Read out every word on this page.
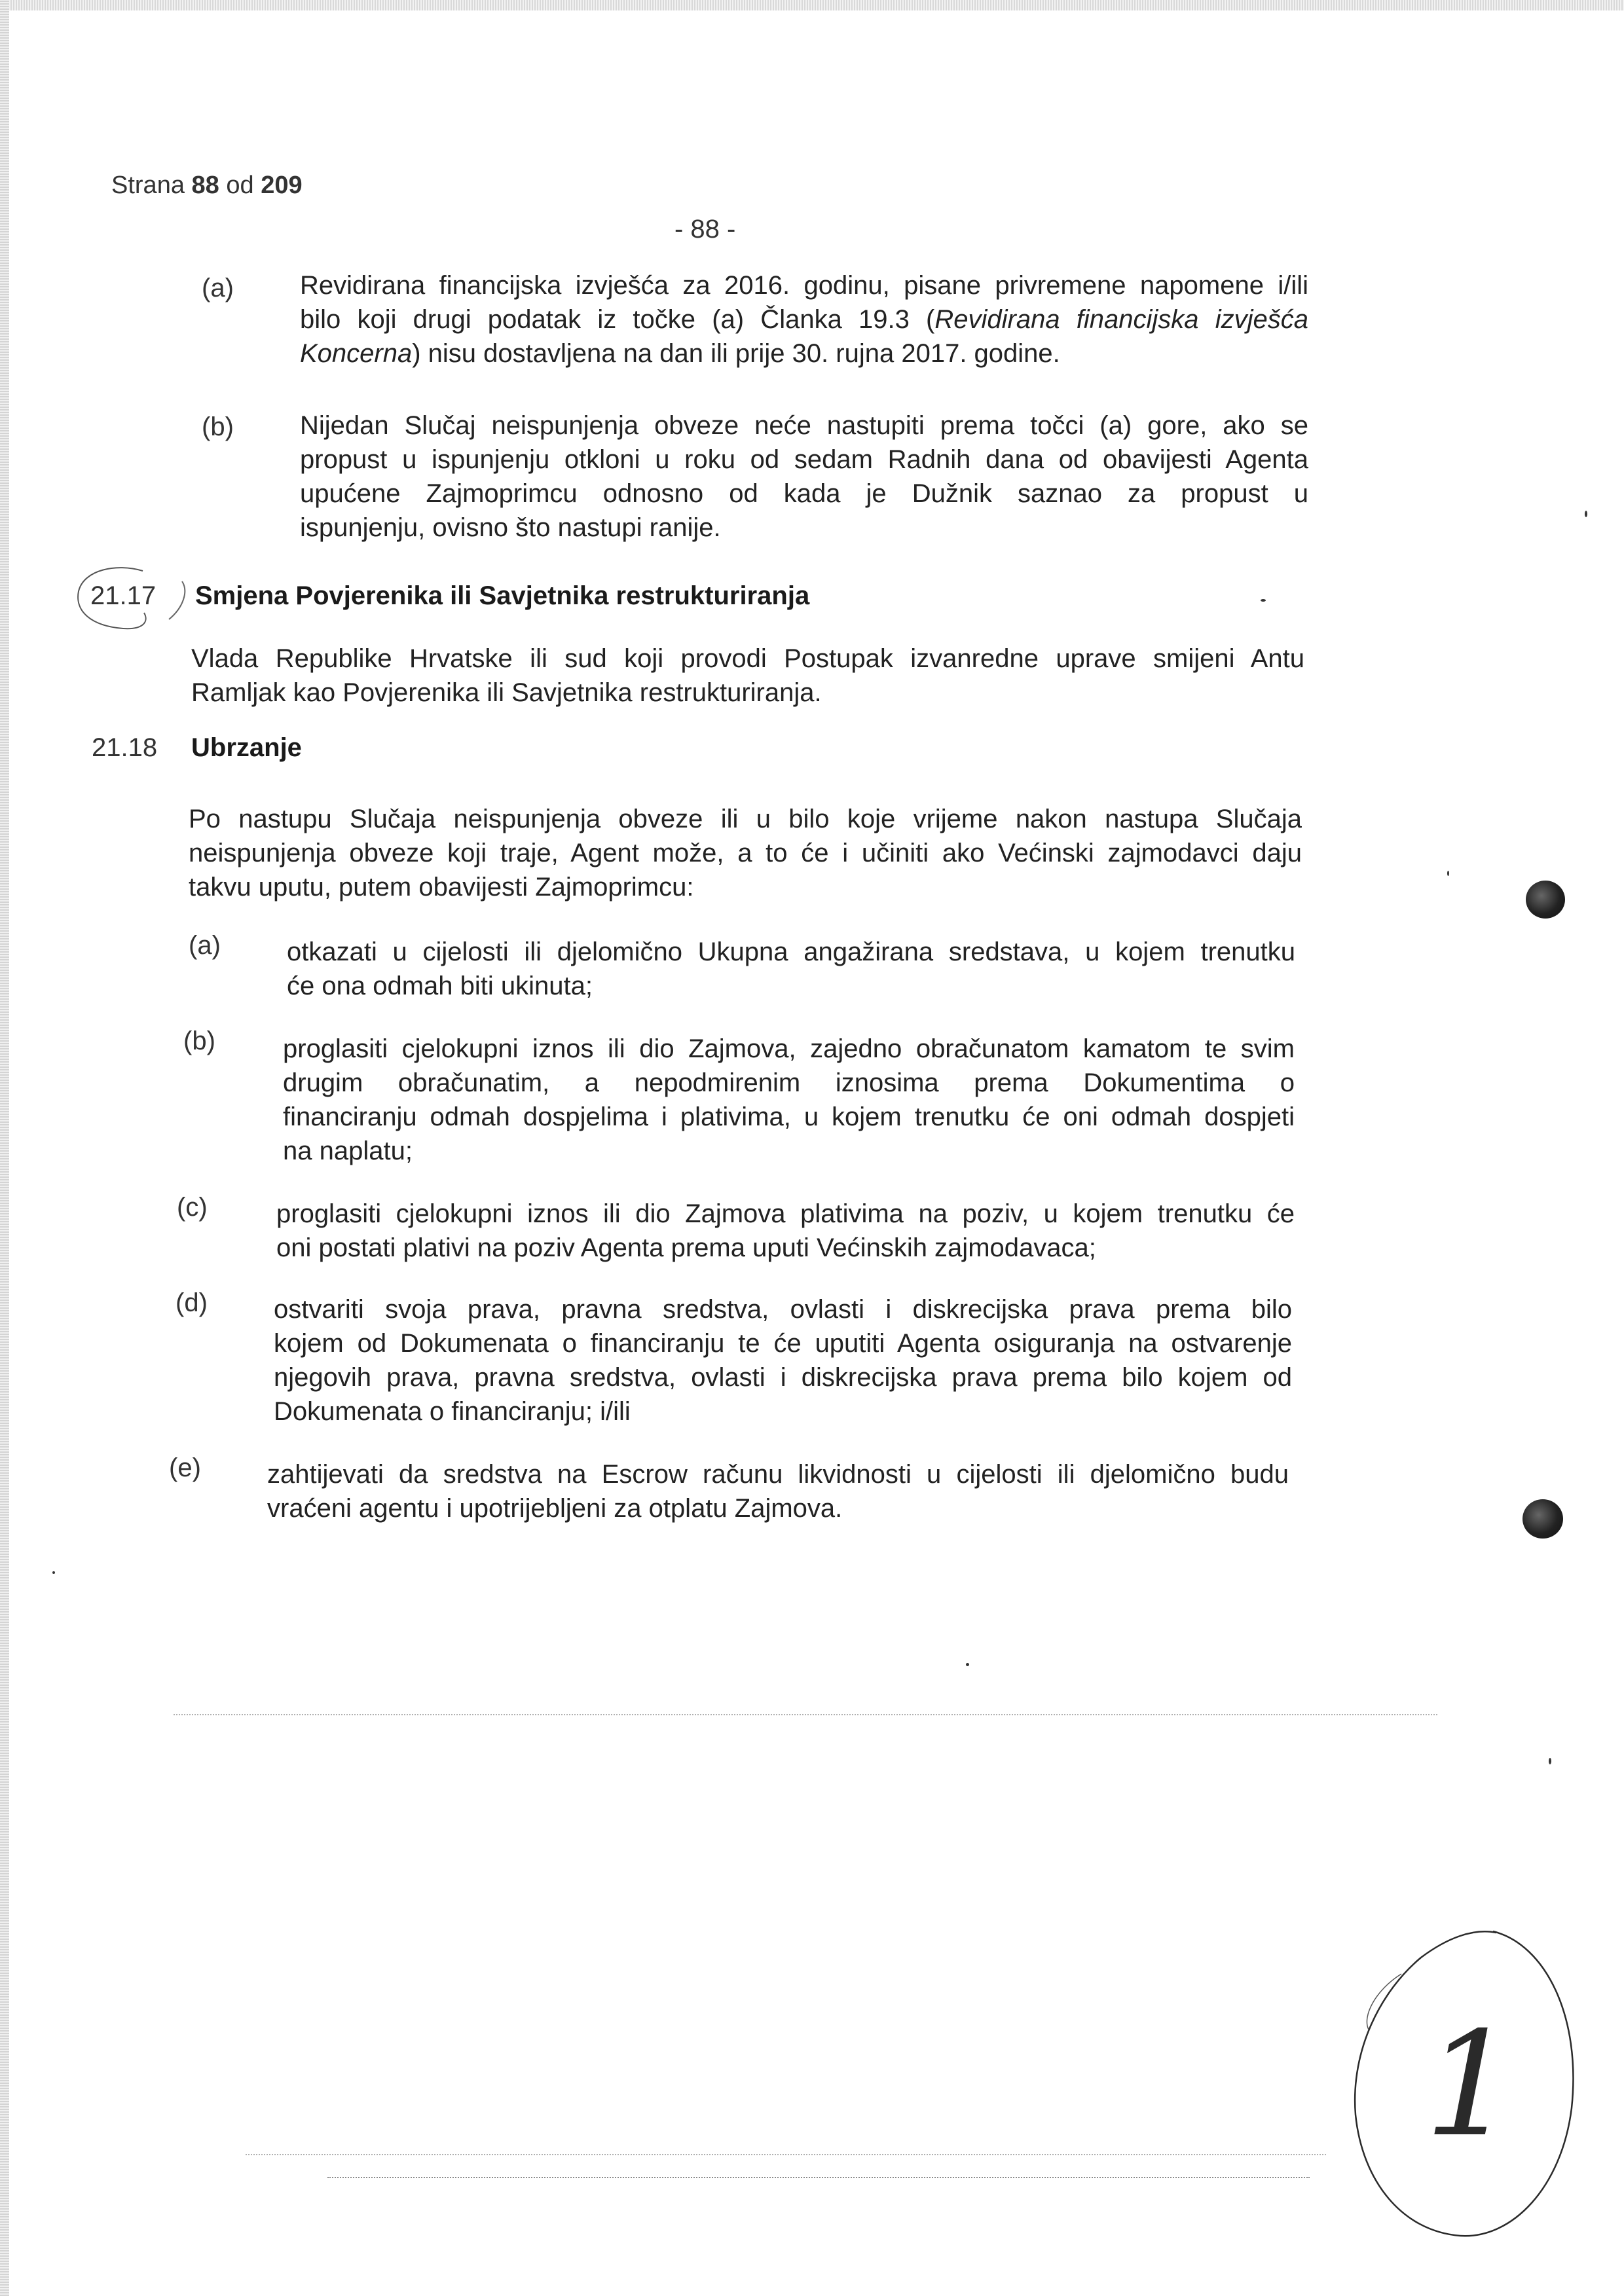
Strana 88 od 209
- 88 -
(a)	Revidirana financijska izvješća za 2016. godinu, pisane privremene napomene i/ili
bilo koji drugi podatak iz točke (a) Članka 19.3 (Revidirana financijska izvješća
Koncerna) nisu dostavljena na dan ili prije 30. rujna 2017. godine.
(b)	Nijedan Slučaj neispunjenja obveze neće nastupiti prema točci (a) gore, ako se
propust u ispunjenju otkloni u roku od sedam Radnih dana od obavijesti Agenta
upućene Zajmoprimcu odnosno od kada je Dužnik saznao za propust u
ispunjenju, ovisno što nastupi ranije.
21.17 Smjena Povjerenika ili Savjetnika restrukturiranja
Vlada Republike Hrvatske ili sud koji provodi Postupak izvanredne uprave smijeni Antu
Ramljak kao Povjerenika ili Savjetnika restrukturiranja.
21.18 Ubrzanje
Po nastupu Slučaja neispunjenja obveze ili u bilo koje vrijeme nakon nastupa Slučaja
neispunjenja obveze koji traje, Agent može, a to će i učiniti ako Većinski zajmodavci daju
takvu uputu, putem obavijesti Zajmoprimcu:
(a)	otkazati u cijelosti ili djelomično Ukupna angažirana sredstava, u kojem trenutku
će ona odmah biti ukinuta;
(b)	proglasiti cjelokupni iznos ili dio Zajmova, zajedno obračunatom kamatom te svim
drugim obračunatim, a nepodmirenim iznosima prema Dokumentima o
financiranju odmah dospjelima i plativima, u kojem trenutku će oni odmah dospjeti
na naplatu;
(c)	proglasiti cjelokupni iznos ili dio Zajmova plativima na poziv, u kojem trenutku će
oni postati plativi na poziv Agenta prema uputi Većinskih zajmodavaca;
(d)	ostvariti svoja prava, pravna sredstva, ovlasti i diskrecijska prava prema bilo
kojem od Dokumenata o financiranju te će uputiti Agenta osiguranja na ostvarenje
njegovih prava, pravna sredstva, ovlasti i diskrecijska prava prema bilo kojem od
Dokumenata o financiranju; i/ili
(e)	zahtijevati da sredstva na Escrow računu likvidnosti u cijelosti ili djelomično budu
vraćeni agentu i upotrijebljeni za otplatu Zajmova.
1
